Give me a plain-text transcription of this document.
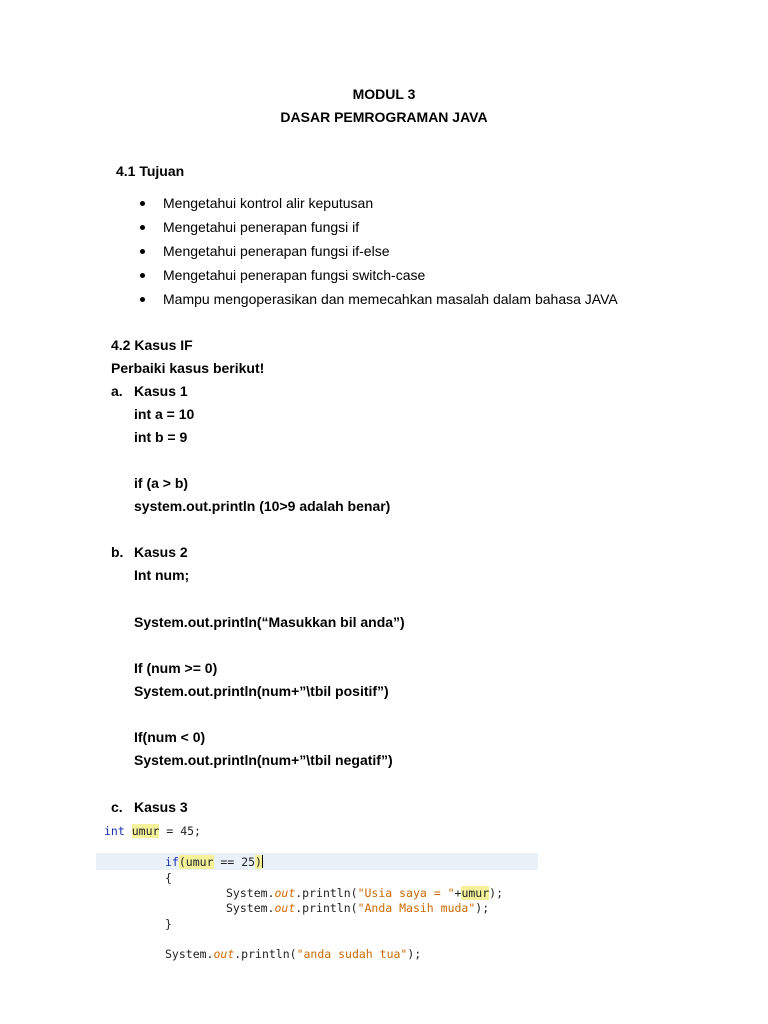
MODUL 3
DASAR PEMROGRAMAN JAVA
4.1 Tujuan
Mengetahui kontrol alir keputusan
Mengetahui penerapan fungsi if
Mengetahui penerapan fungsi if-else
Mengetahui penerapan fungsi switch-case
Mampu mengoperasikan dan memecahkan masalah dalam bahasa JAVA
4.2 Kasus IF
Perbaiki kasus berikut!
a. Kasus 1
int a = 10
int b = 9
if (a > b)
system.out.println (10>9 adalah benar)
b. Kasus 2
Int num;
System.out.println(“Masukkan bil anda”)
If (num >= 0)
System.out.println(num+”\tbil positif”)
If(num < 0)
System.out.println(num+”\tbil negatif”)
c. Kasus 3
int umur = 45;
if(umur == 25)
{
System.out.println("Usia saya = "+umur);
System.out.println("Anda Masih muda");
}
System.out.println("anda sudah tua");
